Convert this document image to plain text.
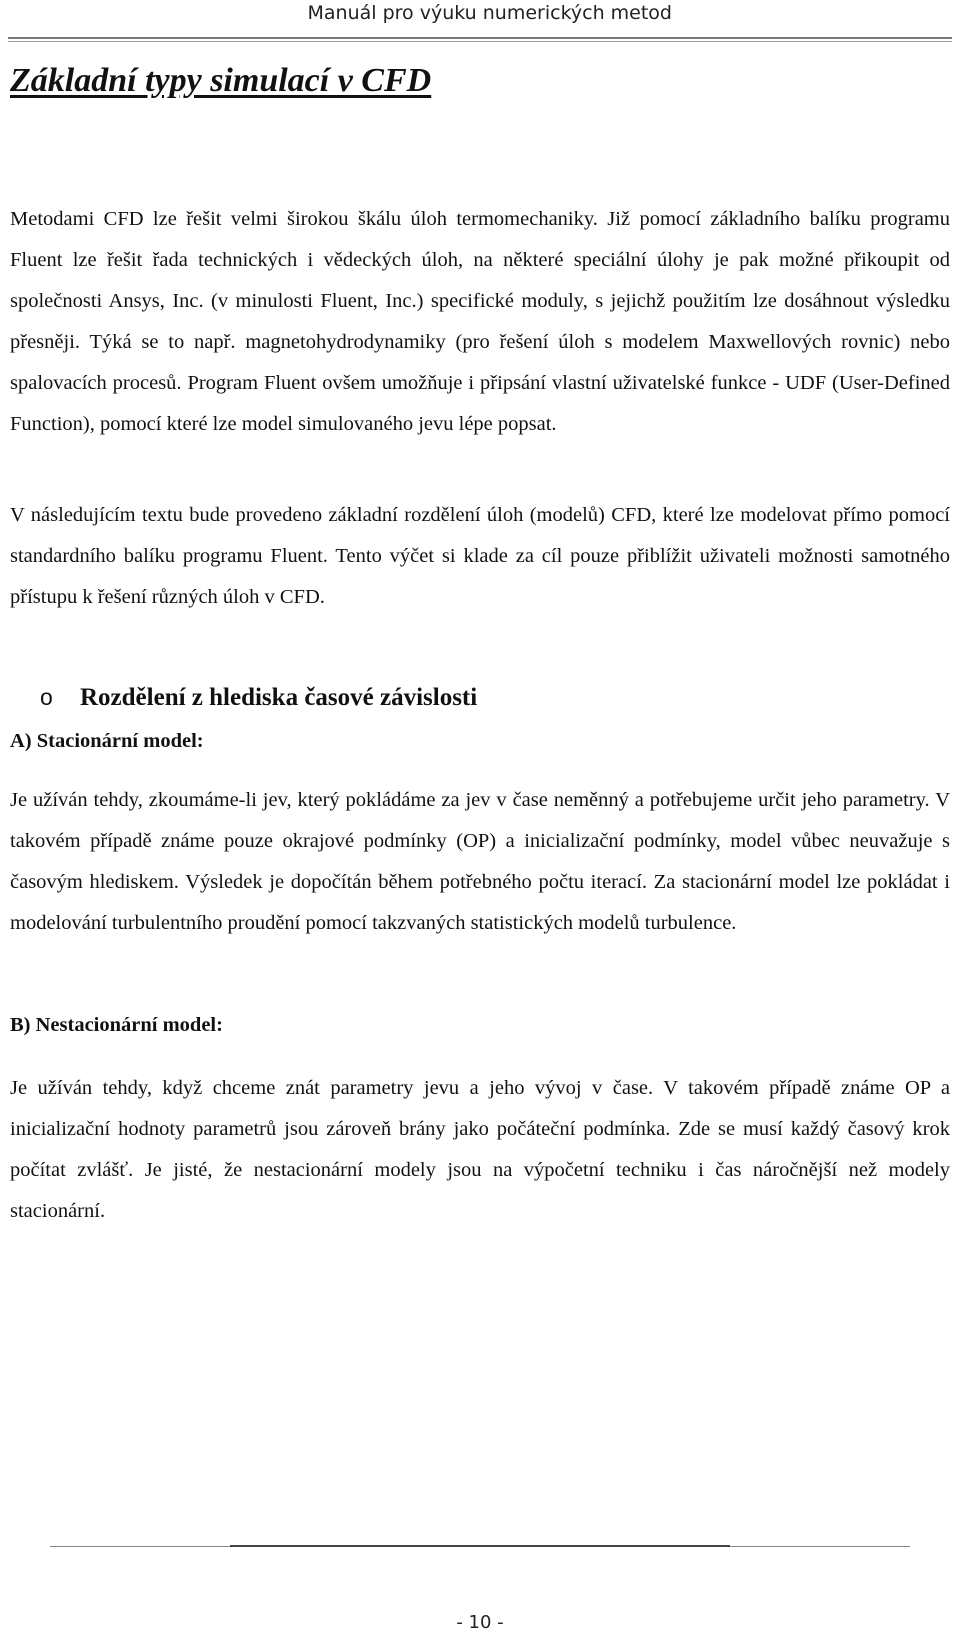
Manuál pro výuku numerických metod
Základní typy simulací v CFD

Metodami CFD lze řešit velmi širokou škálu úloh termomechaniky. Již pomocí základního balíku programu Fluent lze řešit řada technických i vědeckých úloh, na některé speciální úlohy je pak možné přikoupit od společnosti Ansys, Inc. (v minulosti Fluent, Inc.) specifické moduly, s jejichž použitím lze dosáhnout výsledku přesněji. Týká se to např. magnetohydrodynamiky (pro řešení úloh s modelem Maxwellových rovnic) nebo spalovacích procesů. Program Fluent ovšem umožňuje i připsání vlastní uživatelské funkce - UDF (User-Defined Function), pomocí které lze model simulovaného jevu lépe popsat.

V následujícím textu bude provedeno základní rozdělení úloh (modelů) CFD, které lze modelovat přímo pomocí standardního balíku programu Fluent. Tento výčet si klade za cíl pouze přiblížit uživateli možnosti samotného přístupu k řešení různých úloh v CFD.

o Rozdělení z hlediska časové závislosti
A) Stacionární model:

Je užíván tehdy, zkoumáme-li jev, který pokládáme za jev v čase neměnný a potřebujeme určit jeho parametry. V takovém případě známe pouze okrajové podmínky (OP) a inicializační podmínky, model vůbec neuvažuje s časovým hlediskem. Výsledek je dopočítán během potřebného počtu iterací. Za stacionární model lze pokládat i modelování turbulentního proudění pomocí takzvaných statistických modelů turbulence.

B) Nestacionární model:

Je užíván tehdy, když chceme znát parametry jevu a jeho vývoj v čase. V takovém případě známe OP a inicializační hodnoty parametrů jsou zároveň brány jako počáteční podmínka. Zde se musí každý časový krok počítat zvlášť. Je jisté, že nestacionární modely jsou na výpočetní techniku i čas náročnější než modely stacionární.

- 10 -
